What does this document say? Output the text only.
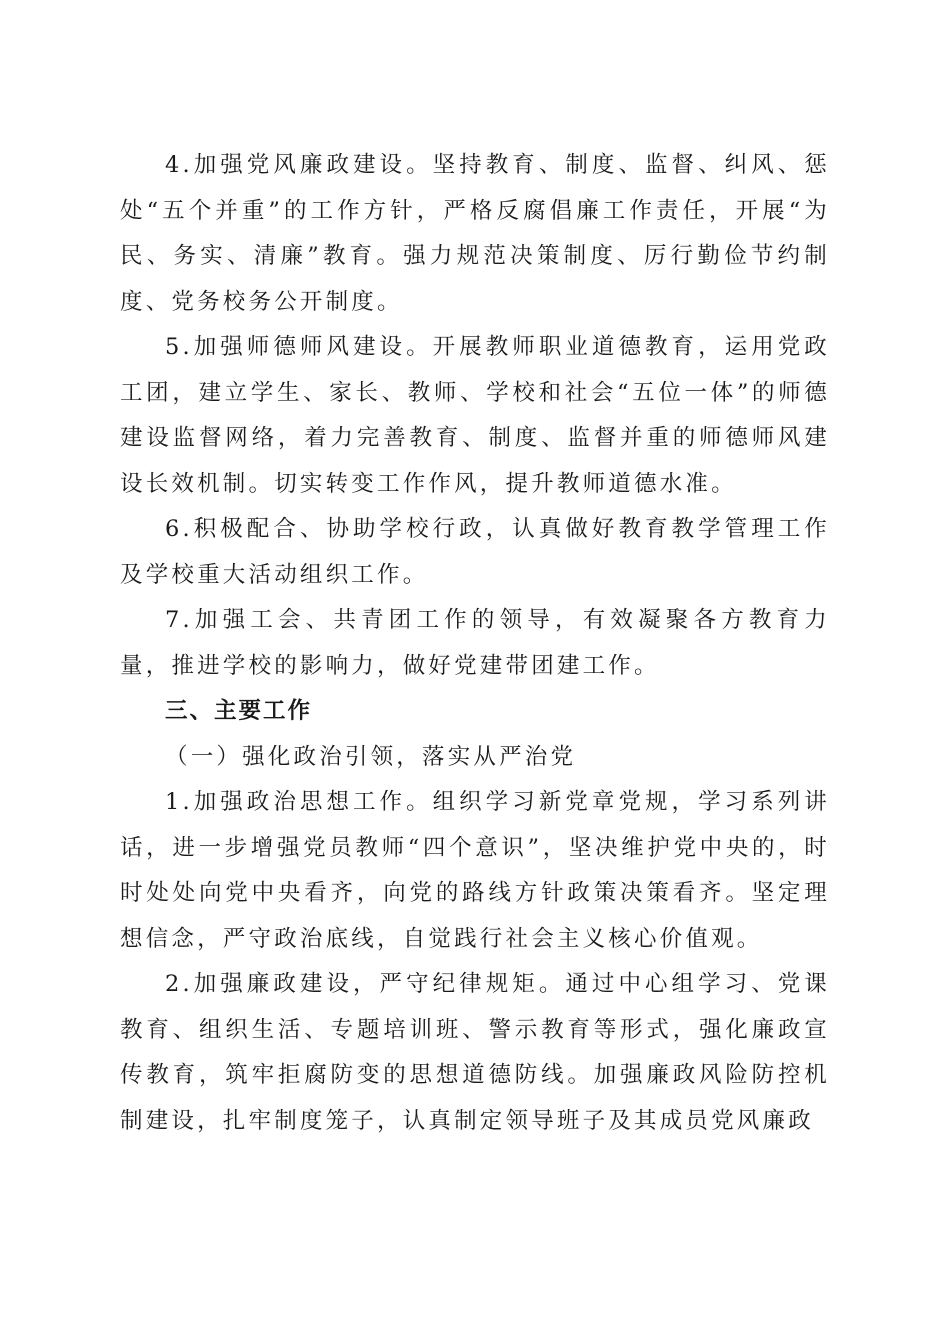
4.加强党风廉政建设。坚持教育、制度、监督、纠风、惩处“五个并重”的工作方针，严格反腐倡廉工作责任，开展“为民、务实、清廉”教育。强力规范决策制度、厉行勤俭节约制度、党务校务公开制度。

5.加强师德师风建设。开展教师职业道德教育，运用党政工团，建立学生、家长、教师、学校和社会“五位一体”的师德建设监督网络，着力完善教育、制度、监督并重的师德师风建设长效机制。切实转变工作作风，提升教师道德水准。

6.积极配合、协助学校行政，认真做好教育教学管理工作及学校重大活动组织工作。

7.加强工会、共青团工作的领导，有效凝聚各方教育力量，推进学校的影响力，做好党建带团建工作。

三、主要工作

（一）强化政治引领，落实从严治党

1.加强政治思想工作。组织学习新党章党规，学习系列讲话，进一步增强党员教师“四个意识”，坚决维护党中央的，时时处处向党中央看齐，向党的路线方针政策决策看齐。坚定理想信念，严守政治底线，自觉践行社会主义核心价值观。

2.加强廉政建设，严守纪律规矩。通过中心组学习、党课教育、组织生活、专题培训班、警示教育等形式，强化廉政宣传教育，筑牢拒腐防变的思想道德防线。加强廉政风险防控机制建设，扎牢制度笼子，认真制定领导班子及其成员党风廉政
